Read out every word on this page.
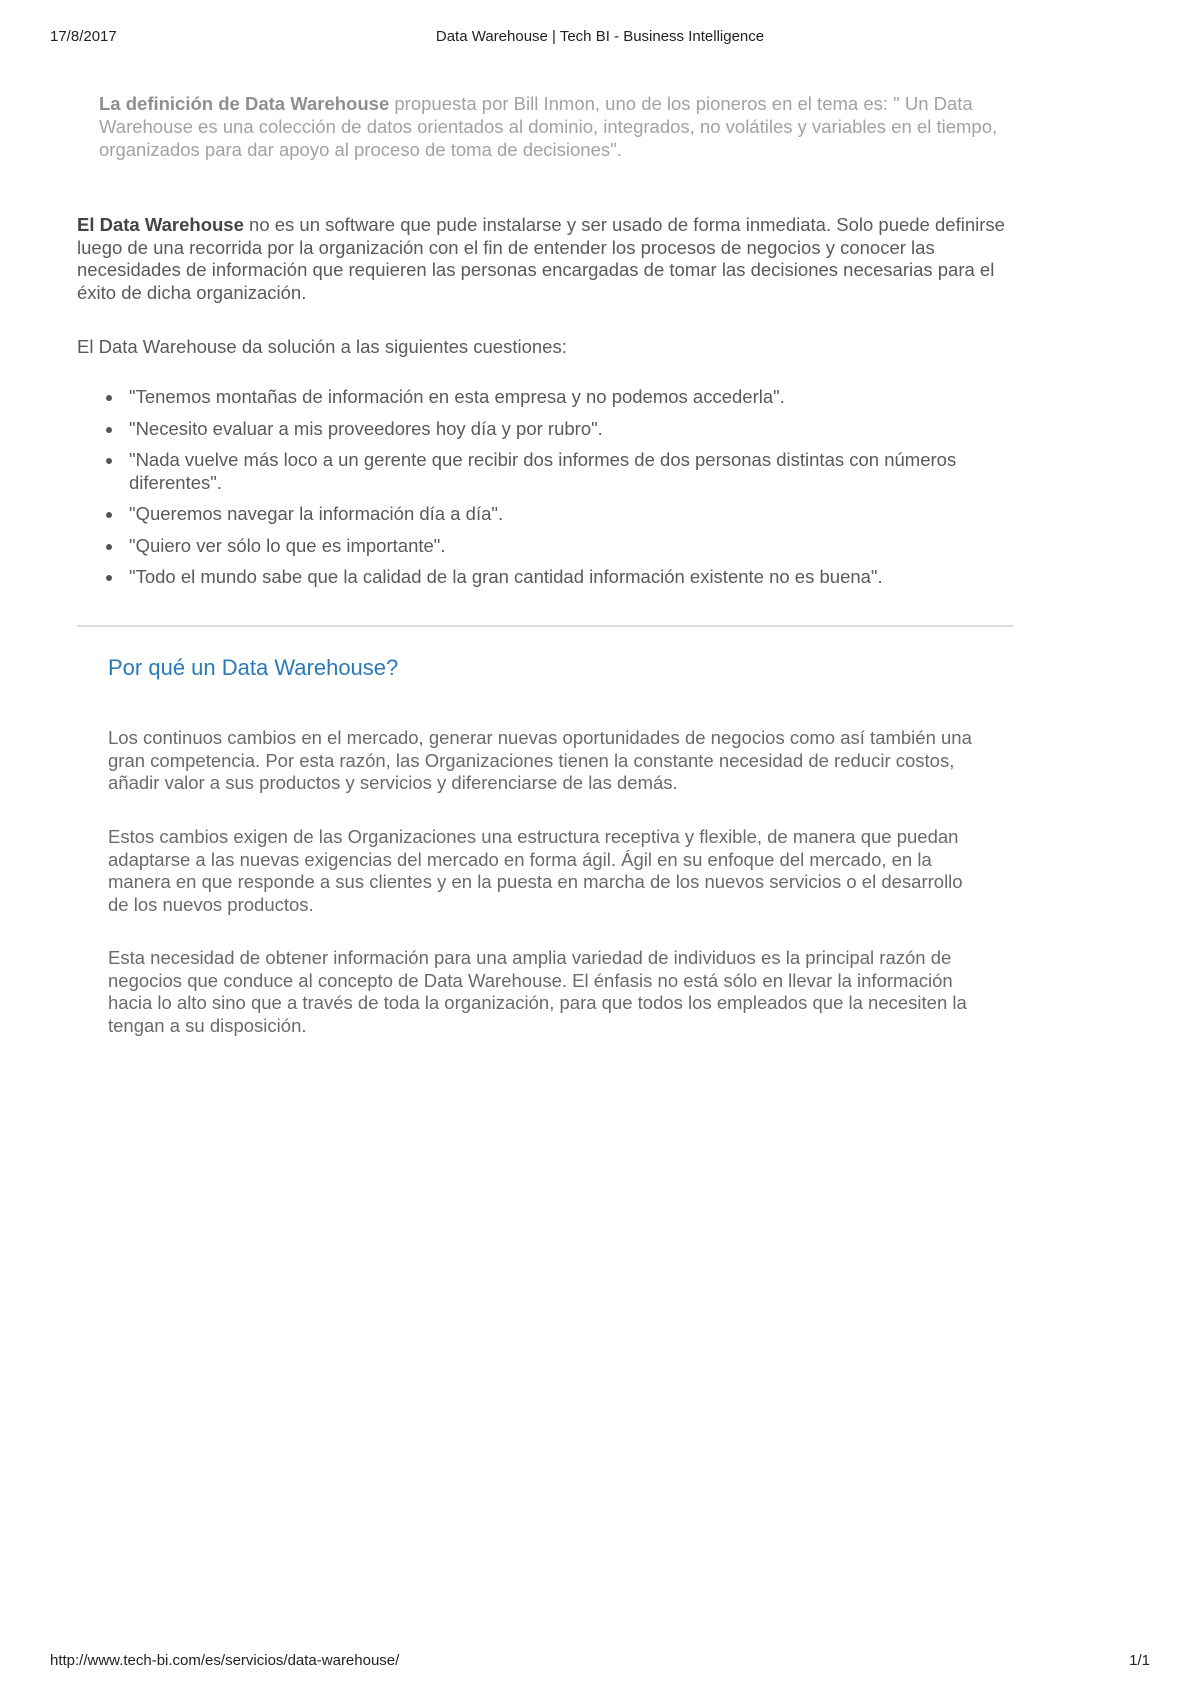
17/8/2017	Data Warehouse | Tech BI - Business Intelligence
La definición de Data Warehouse propuesta por Bill Inmon, uno de los pioneros en el tema es: " Un Data Warehouse es una colección de datos orientados al dominio, integrados, no volátiles y variables en el tiempo, organizados para dar apoyo al proceso de toma de decisiones".
El Data Warehouse no es un software que pude instalarse y ser usado de forma inmediata. Solo puede definirse luego de una recorrida por la organización con el fin de entender los procesos de negocios y conocer las necesidades de información que requieren las personas encargadas de tomar las decisiones necesarias para el éxito de dicha organización.
El Data Warehouse da solución a las siguientes cuestiones:
"Tenemos montañas de información en esta empresa y no podemos accederla".
"Necesito evaluar a mis proveedores hoy día y por rubro".
"Nada vuelve más loco a un gerente que recibir dos informes de dos personas distintas con números diferentes".
"Queremos navegar la información día a día".
"Quiero ver sólo lo que es importante".
"Todo el mundo sabe que la calidad de la gran cantidad información existente no es buena".
Por qué un Data Warehouse?

Los continuos cambios en el mercado, generar nuevas oportunidades de negocios como así también una gran competencia. Por esta razón, las Organizaciones tienen la constante necesidad de reducir costos, añadir valor a sus productos y servicios y diferenciarse de las demás.

Estos cambios exigen de las Organizaciones una estructura receptiva y flexible, de manera que puedan adaptarse a las nuevas exigencias del mercado en forma ágil. Ágil en su enfoque del mercado, en la manera en que responde a sus clientes y en la puesta en marcha de los nuevos servicios o el desarrollo de los nuevos productos.

Esta necesidad de obtener información para una amplia variedad de individuos es la principal razón de negocios que conduce al concepto de Data Warehouse. El énfasis no está sólo en llevar la información hacia lo alto sino que a través de toda la organización, para que todos los empleados que la necesiten la tengan a su disposición.

http://www.tech-bi.com/es/servicios/data-warehouse/	1/1
